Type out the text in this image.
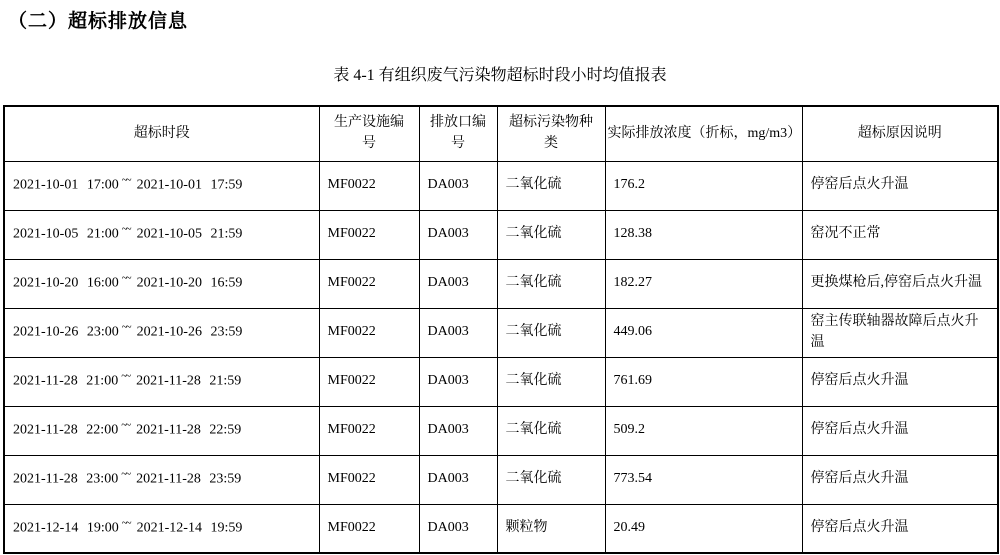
（二）超标排放信息
表 4-1 有组织废气污染物超标时段小时均值报表
超标时段	生产设施编号	排放口编号	超标污染物种类	实际排放浓度（折标，mg/m3）	超标原因说明
2021-10-01 17:00 ~~ 2021-10-01 17:59	MF0022	DA003	二氧化硫	176.2	停窑后点火升温
2021-10-05 21:00 ~~ 2021-10-05 21:59	MF0022	DA003	二氧化硫	128.38	窑况不正常
2021-10-20 16:00 ~~ 2021-10-20 16:59	MF0022	DA003	二氧化硫	182.27	更换煤枪后,停窑后点火升温
2021-10-26 23:00 ~~ 2021-10-26 23:59	MF0022	DA003	二氧化硫	449.06	窑主传联轴器故障后点火升温
2021-11-28 21:00 ~~ 2021-11-28 21:59	MF0022	DA003	二氧化硫	761.69	停窑后点火升温
2021-11-28 22:00 ~~ 2021-11-28 22:59	MF0022	DA003	二氧化硫	509.2	停窑后点火升温
2021-11-28 23:00 ~~ 2021-11-28 23:59	MF0022	DA003	二氧化硫	773.54	停窑后点火升温
2021-12-14 19:00 ~~ 2021-12-14 19:59	MF0022	DA003	颗粒物	20.49	停窑后点火升温
